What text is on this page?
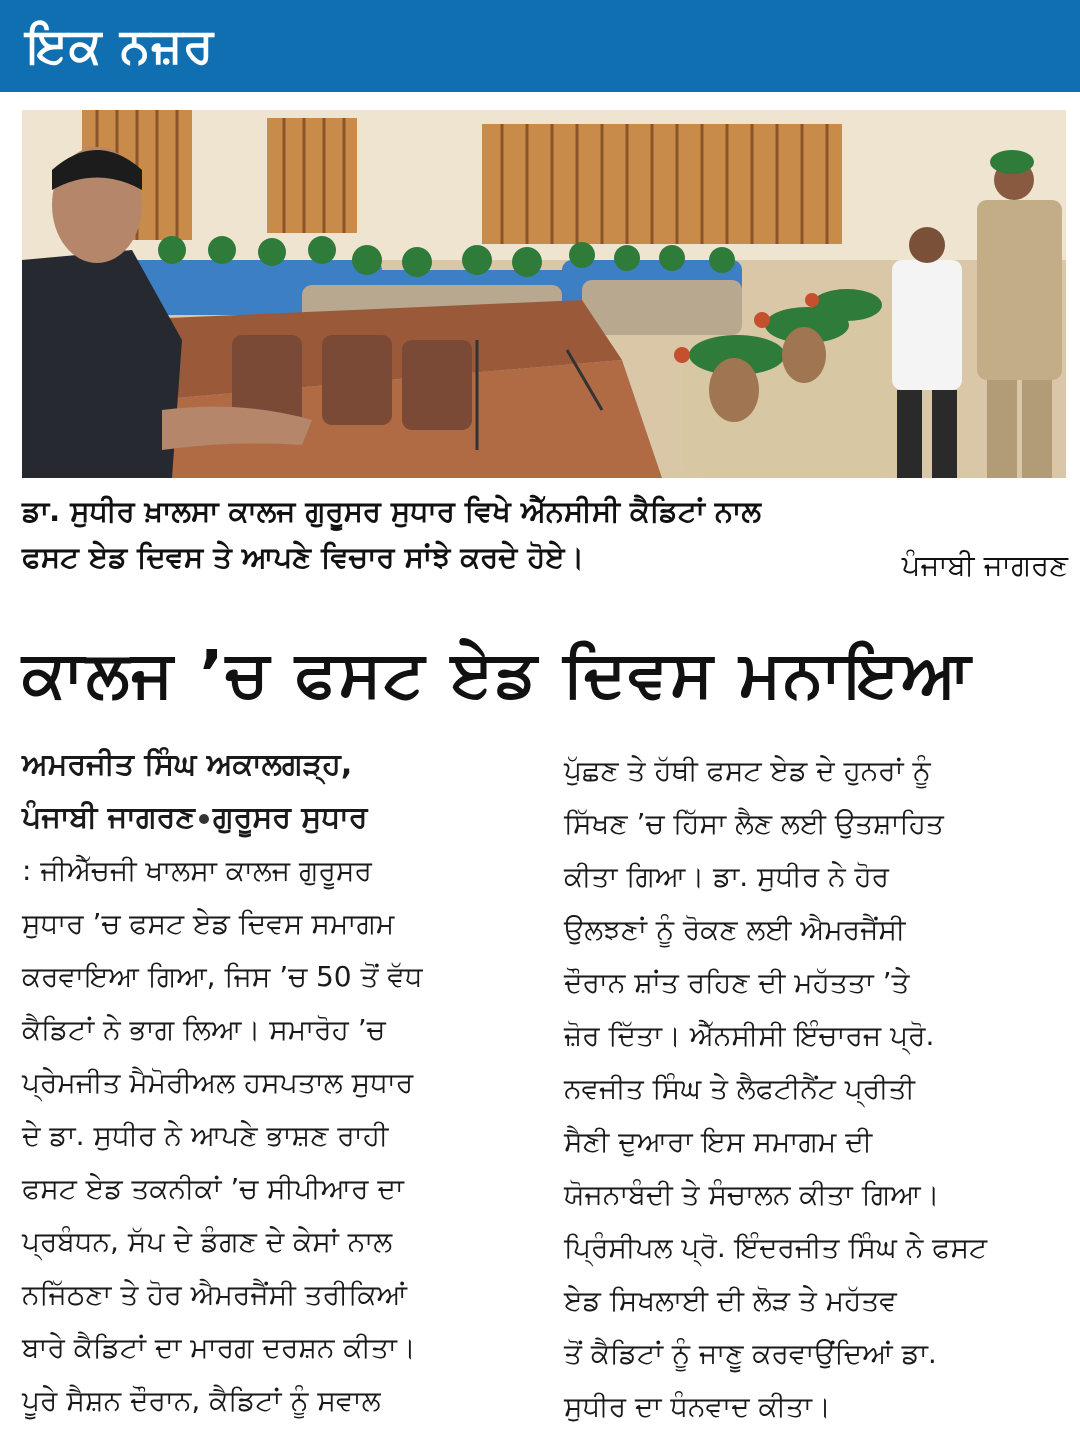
ਇਕ ਨਜ਼ਰ
ਡਾ. ਸੁਧੀਰ ਖ਼ਾਲਸਾ ਕਾਲਜ ਗੁਰੂਸਰ ਸੁਧਾਰ ਵਿਖੇ ਐੱਨਸੀਸੀ ਕੈਡਿਟਾਂ ਨਾਲ
ਫਸਟ ਏਡ ਦਿਵਸ ਤੇ ਆਪਣੇ ਵਿਚਾਰ ਸਾਂਝੇ ਕਰਦੇ ਹੋਏ।	ਪੰਜਾਬੀ ਜਾਗਰਣ
ਕਾਲਜ ’ਚ ਫਸਟ ਏਡ ਦਿਵਸ ਮਨਾਇਆ
ਅਮਰਜੀਤ ਸਿੰਘ ਅਕਾਲਗੜ੍ਹ,
ਪੰਜਾਬੀ ਜਾਗਰਣ ਗੁਰੂਸਰ ਸੁਧਾਰ
: ਜੀਐੱਚਜੀ ਖਾਲਸਾ ਕਾਲਜ ਗੁਰੂਸਰ
ਸੁਧਾਰ ’ਚ ਫਸਟ ਏਡ ਦਿਵਸ ਸਮਾਗਮ
ਕਰਵਾਇਆ ਗਿਆ, ਜਿਸ ’ਚ 50 ਤੋਂ ਵੱਧ
ਕੈਡਿਟਾਂ ਨੇ ਭਾਗ ਲਿਆ। ਸਮਾਰੋਹ ’ਚ
ਪ੍ਰੇਮਜੀਤ ਮੈਮੋਰੀਅਲ ਹਸਪਤਾਲ ਸੁਧਾਰ
ਦੇ ਡਾ. ਸੁਧੀਰ ਨੇ ਆਪਣੇ ਭਾਸ਼ਣ ਰਾਹੀ
ਫਸਟ ਏਡ ਤਕਨੀਕਾਂ ’ਚ ਸੀਪੀਆਰ ਦਾ
ਪ੍ਰਬੰਧਨ, ਸੱਪ ਦੇ ਡੰਗਣ ਦੇ ਕੇਸਾਂ ਨਾਲ
ਨਜਿੱਠਣਾ ਤੇ ਹੋਰ ਐਮਰਜੈਂਸੀ ਤਰੀਕਿਆਂ
ਬਾਰੇ ਕੈਡਿਟਾਂ ਦਾ ਮਾਰਗ ਦਰਸ਼ਨ ਕੀਤਾ।
ਪੂਰੇ ਸੈਸ਼ਨ ਦੌਰਾਨ, ਕੈਡਿਟਾਂ ਨੂੰ ਸਵਾਲ
ਪੁੱਛਣ ਤੇ ਹੱਥੀ ਫਸਟ ਏਡ ਦੇ ਹੁਨਰਾਂ ਨੂੰ
ਸਿੱਖਣ ’ਚ ਹਿੱਸਾ ਲੈਣ ਲਈ ਉਤਸ਼ਾਹਿਤ
ਕੀਤਾ ਗਿਆ। ਡਾ. ਸੁਧੀਰ ਨੇ ਹੋਰ
ਉਲਝਣਾਂ ਨੂੰ ਰੋਕਣ ਲਈ ਐਮਰਜੈਂਸੀ
ਦੌਰਾਨ ਸ਼ਾਂਤ ਰਹਿਣ ਦੀ ਮਹੱਤਤਾ ’ਤੇ
ਜ਼ੋਰ ਦਿੱਤਾ। ਐੱਨਸੀਸੀ ਇੰਚਾਰਜ ਪ੍ਰੋ.
ਨਵਜੀਤ ਸਿੰਘ ਤੇ ਲੈਫਟੀਨੈਂਟ ਪ੍ਰੀਤੀ
ਸੈਣੀ ਦੁਆਰਾ ਇਸ ਸਮਾਗਮ ਦੀ
ਯੋਜਨਾਬੰਦੀ ਤੇ ਸੰਚਾਲਨ ਕੀਤਾ ਗਿਆ।
ਪ੍ਰਿੰਸੀਪਲ ਪ੍ਰੋ. ਇੰਦਰਜੀਤ ਸਿੰਘ ਨੇ ਫਸਟ
ਏਡ ਸਿਖਲਾਈ ਦੀ ਲੋੜ ਤੇ ਮਹੱਤਵ
ਤੋਂ ਕੈਡਿਟਾਂ ਨੂੰ ਜਾਣੂ ਕਰਵਾਉਂਦਿਆਂ ਡਾ.
ਸੁਧੀਰ ਦਾ ਧੰਨਵਾਦ ਕੀਤਾ।
